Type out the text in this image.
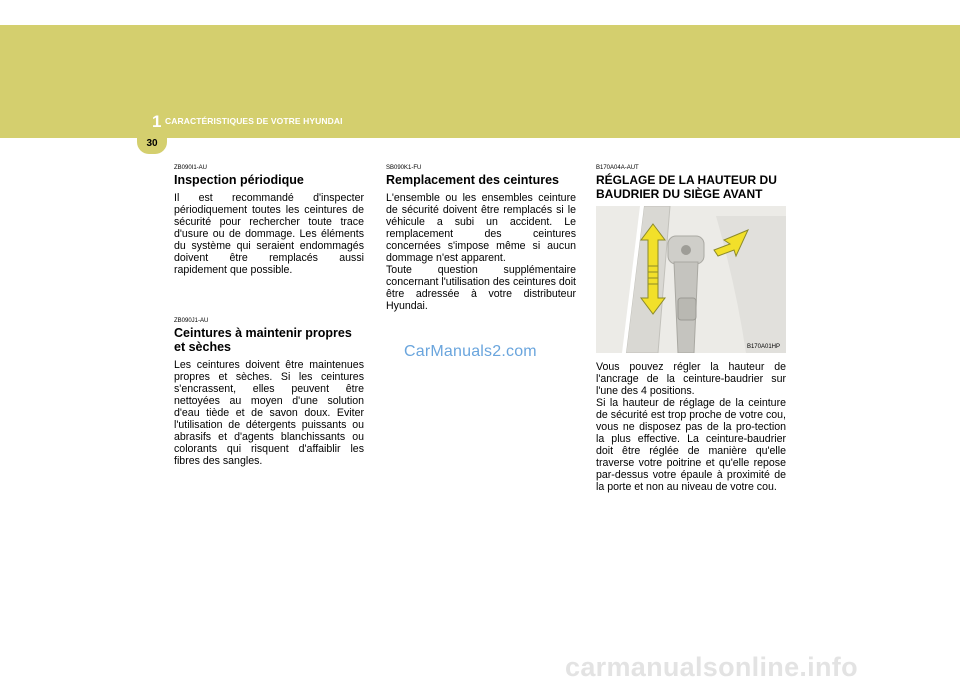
1 CARACTÉRISTIQUES DE VOTRE HYUNDAI
30

ZB090I1-AU

Inspection périodique

Il est recommandé d'inspecter périodiquement toutes les ceintures de sécurité pour rechercher toute trace d'usure ou de dommage. Les éléments du système qui seraient endommagés doivent être remplacés aussi rapidement que possible.

ZB090J1-AU

Ceintures à maintenir propres et sèches

Les ceintures doivent être maintenues propres et sèches. Si les ceintures s'encrassent, elles peuvent être nettoyées au moyen d'une solution d'eau tiède et de savon doux. Eviter l'utilisation de détergents puissants ou abrasifs et d'agents blanchissants ou colorants qui risquent d'affaiblir les fibres des sangles.

SB090K1-FU

Remplacement des ceintures

L'ensemble ou les ensembles ceinture de sécurité doivent être remplacés si le véhicule a subi un accident. Le remplacement des ceintures concernées s'impose même si aucun dommage n'est apparent.
Toute question supplémentaire concernant l'utilisation des ceintures doit être adressée à votre distributeur Hyundai.

B170A04A-AUT

RÉGLAGE DE LA HAUTEUR DU BAUDRIER DU SIÈGE AVANT
B170A01HP

Vous pouvez régler la hauteur de l'ancrage de la ceinture-baudrier sur l'une des 4 positions.
Si la hauteur de réglage de la ceinture de sécurité est trop proche de votre cou, vous ne disposez pas de la pro-tection la plus effective. La ceinture-baudrier doit être réglée de manière qu'elle traverse votre poitrine et qu'elle repose par-dessus votre épaule à proximité de la porte et non au niveau de votre cou.

CarManuals2.com
carmanualsonline.info
